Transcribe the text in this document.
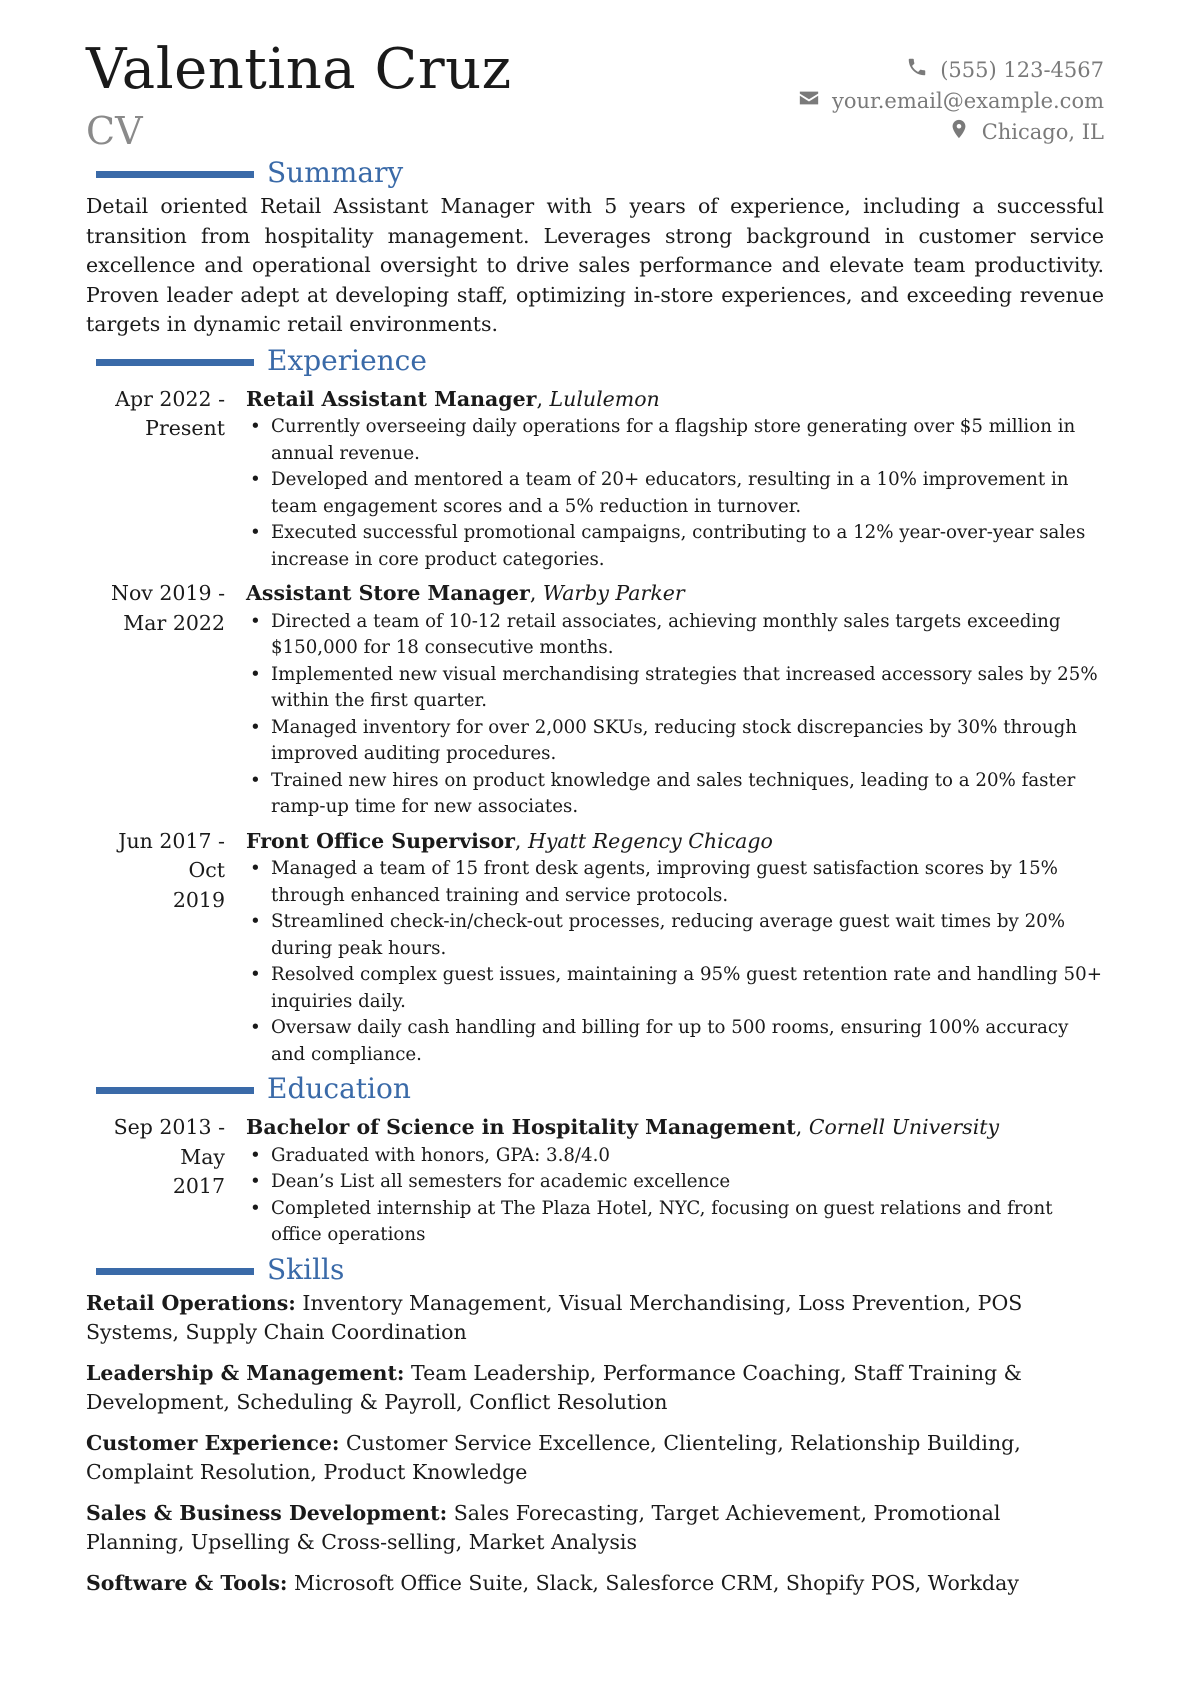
Valentina Cruz
CV
(555) 123-4567
your.email@example.com
Chicago, IL
Summary

Detail oriented Retail Assistant Manager with 5 years of experience, including a successful transition from hospitality management. Leverages strong background in customer service excellence and operational oversight to drive sales performance and elevate team productivity. Proven leader adept at developing staff, optimizing in-store experiences, and exceeding revenue targets in dynamic retail environments.

Experience
Apr 2022 -
Present
Retail Assistant Manager, Lululemon
• Currently overseeing daily operations for a flagship store generating over $5 million in annual revenue.
• Developed and mentored a team of 20+ educators, resulting in a 10% improvement in team engagement scores and a 5% reduction in turnover.
• Executed successful promotional campaigns, contributing to a 12% year-over-year sales increase in core product categories.
Nov 2019 -
Mar 2022
Assistant Store Manager, Warby Parker
• Directed a team of 10-12 retail associates, achieving monthly sales targets exceeding $150,000 for 18 consecutive months.
• Implemented new visual merchandising strategies that increased accessory sales by 25% within the first quarter.
• Managed inventory for over 2,000 SKUs, reducing stock discrepancies by 30% through improved auditing procedures.
• Trained new hires on product knowledge and sales techniques, leading to a 20% faster ramp-up time for new associates.
Jun 2017 - Oct
2019
Front Office Supervisor, Hyatt Regency Chicago
• Managed a team of 15 front desk agents, improving guest satisfaction scores by 15% through enhanced training and service protocols.
• Streamlined check-in/check-out processes, reducing average guest wait times by 20% during peak hours.
• Resolved complex guest issues, maintaining a 95% guest retention rate and handling 50+ inquiries daily.
• Oversaw daily cash handling and billing for up to 500 rooms, ensuring 100% accuracy and compliance.
Education
Sep 2013 - May
2017
Bachelor of Science in Hospitality Management, Cornell University
• Graduated with honors, GPA: 3.8/4.0
• Dean’s List all semesters for academic excellence
• Completed internship at The Plaza Hotel, NYC, focusing on guest relations and front office operations
Skills
Retail Operations: Inventory Management, Visual Merchandising, Loss Prevention, POS Systems, Supply Chain Coordination
Leadership & Management: Team Leadership, Performance Coaching, Staff Training & Development, Scheduling & Payroll, Conflict Resolution
Customer Experience: Customer Service Excellence, Clienteling, Relationship Building, Complaint Resolution, Product Knowledge
Sales & Business Development: Sales Forecasting, Target Achievement, Promotional Planning, Upselling & Cross-selling, Market Analysis
Software & Tools: Microsoft Office Suite, Slack, Salesforce CRM, Shopify POS, Workday
